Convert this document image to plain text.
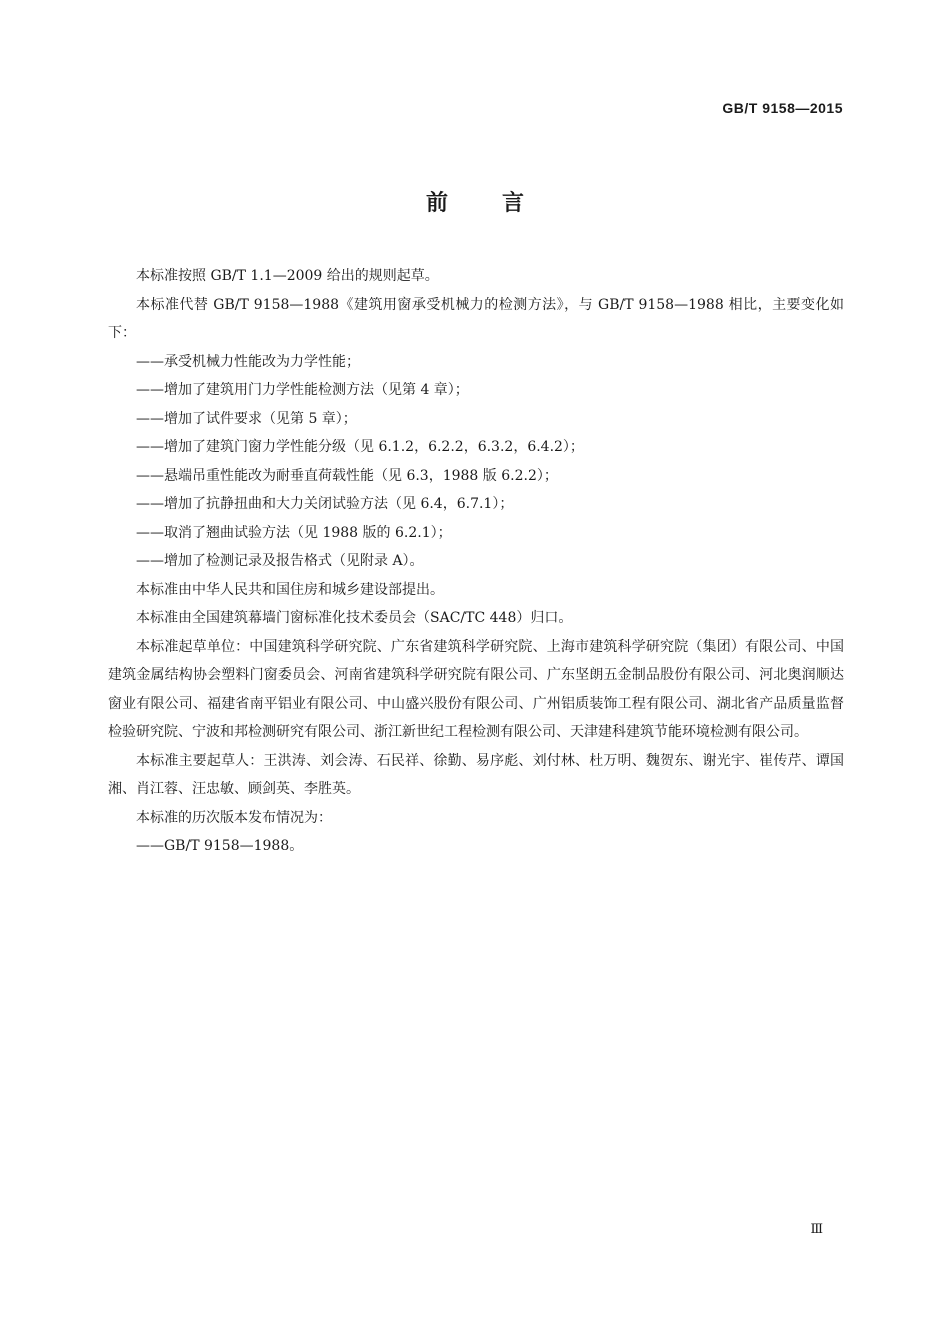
GB/T 9158—2015
前言

本标准按照 GB/T 1.1—2009 给出的规则起草。

本标准代替 GB/T 9158—1988《建筑用窗承受机械力的检测方法》，与 GB/T 9158—1988 相比，主要变化如下：

——承受机械力性能改为力学性能；

——增加了建筑用门力学性能检测方法（见第 4 章）；

——增加了试件要求（见第 5 章）；

——增加了建筑门窗力学性能分级（见 6.1.2，6.2.2，6.3.2，6.4.2）；

——悬端吊重性能改为耐垂直荷载性能（见 6.3，1988 版 6.2.2）；

——增加了抗静扭曲和大力关闭试验方法（见 6.4，6.7.1）；

——取消了翘曲试验方法（见 1988 版的 6.2.1）；

——增加了检测记录及报告格式（见附录 A）。

本标准由中华人民共和国住房和城乡建设部提出。

本标准由全国建筑幕墙门窗标准化技术委员会（SAC/TC 448）归口。

本标准起草单位：中国建筑科学研究院、广东省建筑科学研究院、上海市建筑科学研究院（集团）有限公司、中国建筑金属结构协会塑料门窗委员会、河南省建筑科学研究院有限公司、广东坚朗五金制品股份有限公司、河北奥润顺达窗业有限公司、福建省南平铝业有限公司、中山盛兴股份有限公司、广州铝质装饰工程有限公司、湖北省产品质量监督检验研究院、宁波和邦检测研究有限公司、浙江新世纪工程检测有限公司、天津建科建筑节能环境检测有限公司。

本标准主要起草人：王洪涛、刘会涛、石民祥、徐勤、易序彪、刘付林、杜万明、魏贺东、谢光宇、崔传芹、谭国湘、肖江蓉、汪忠敏、顾剑英、李胜英。

本标准的历次版本发布情况为：

——GB/T 9158—1988。

Ⅲ
